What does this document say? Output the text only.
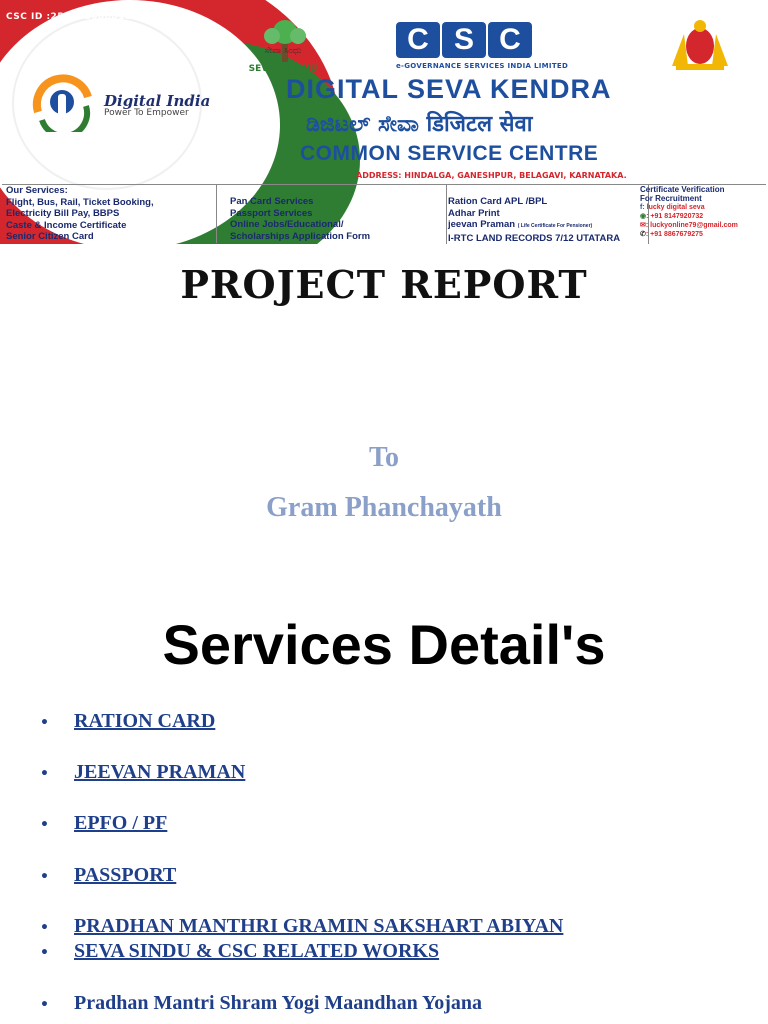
CSC ID :259482000018
Digital India
Power To Empower
ಸೇವಾ ಸಿಂಧು
SEVA SINDHU
C S C
e-GOVERNANCE SERVICES INDIA LIMITED
DIGITAL SEVA KENDRA
ಡಿಜಿಟಲ್ ಸೇವಾ डिजिटल सेवा
COMMON SERVICE CENTRE
ADDRESS: HINDALGA, GANESHPUR, BELAGAVI, KARNATAKA.
Our Services:
Flight, Bus, Rail, Ticket Booking,
Electricity Bill Pay, BBPS
Caste & Income Certificate
Senior Citizen Card
Pan Card Services
Passport Services
Online Jobs/Educational/
Scholarships Application Form
Ration Card APL /BPL
Adhar Print
jeevan Praman ( Life Certificate For Pensioner)
I-RTC LAND RECORDS 7/12 UTATARA
Certificate Verification
For Recruitment
f: lucky digital seva
◉: +91 8147920732
✉: luckyonline79@gmail.com
✆: +91 8867679275
PROJECT REPORT
To
Gram Phanchayath
Services Detail's
• RATION CARD
• JEEVAN PRAMAN
• EPFO / PF
• PASSPORT
• PRADHAN MANTHRI GRAMIN SAKSHART ABIYAN
• SEVA SINDU & CSC RELATED WORKS
• Pradhan Mantri Shram Yogi Maandhan Yojana
